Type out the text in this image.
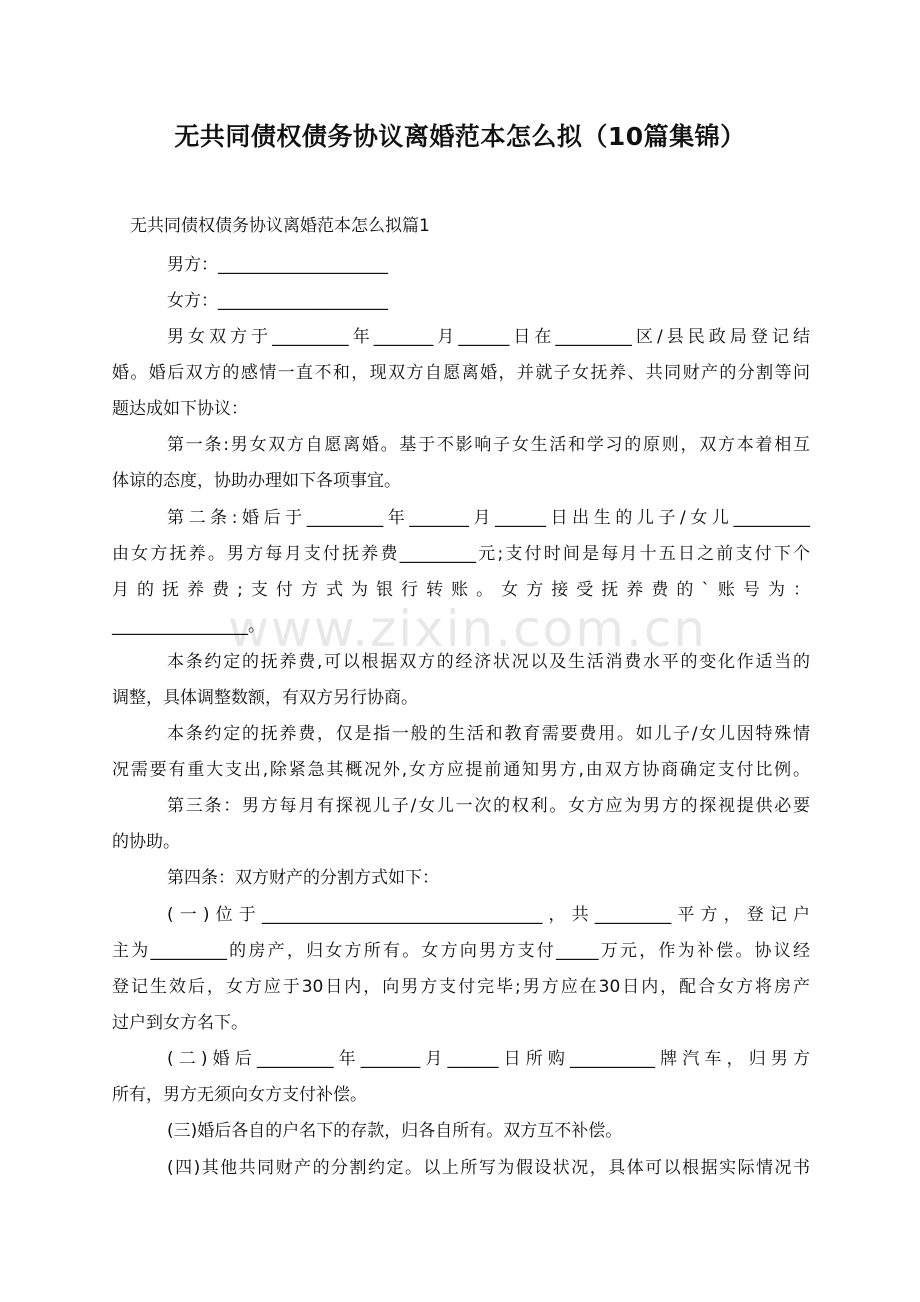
无共同债权债务协议离婚范本怎么拟（10篇集锦）
无共同债权债务协议离婚范本怎么拟篇1
男方：____________________
女方：____________________
男女双方于_________年_______月______日在_________区/县民政局登记结
婚。婚后双方的感情一直不和，现双方自愿离婚，并就子女抚养、共同财产的分割等问
题达成如下协议：
第一条:男女双方自愿离婚。基于不影响子女生活和学习的原则，双方本着相互
体谅的态度，协助办理如下各项事宜。
第二条:婚后于_________年_______月______日出生的儿子/女儿_________
由女方抚养。男方每月支付抚养费_________元;支付时间是每月十五日之前支付下个
月的抚养费;支付方式为银行转账。女方接受抚养费的`账号为：
________________。
本条约定的抚养费,可以根据双方的经济状况以及生活消费水平的变化作适当的
调整，具体调整数额，有双方另行协商。
本条约定的抚养费，仅是指一般的生活和教育需要费用。如儿子/女儿因特殊情
况需要有重大支出,除紧急其概况外,女方应提前通知男方,由双方协商确定支付比例。
第三条：男方每月有探视儿子/女儿一次的权利。女方应为男方的探视提供必要
的协助。
第四条：双方财产的分割方式如下：
(一)位于_________________________________，共_________平方，登记户
主为_________的房产，归女方所有。女方向男方支付_____万元，作为补偿。协议经
登记生效后，女方应于30日内，向男方支付完毕;男方应在30日内，配合女方将房产
过户到女方名下。
(二)婚后_________年_______月______日所购__________牌汽车，归男方
所有，男方无须向女方支付补偿。
(三)婚后各自的户名下的存款，归各自所有。双方互不补偿。
(四)其他共同财产的分割约定。以上所写为假设状况，具体可以根据实际情况书
www.zixin.com.cn
